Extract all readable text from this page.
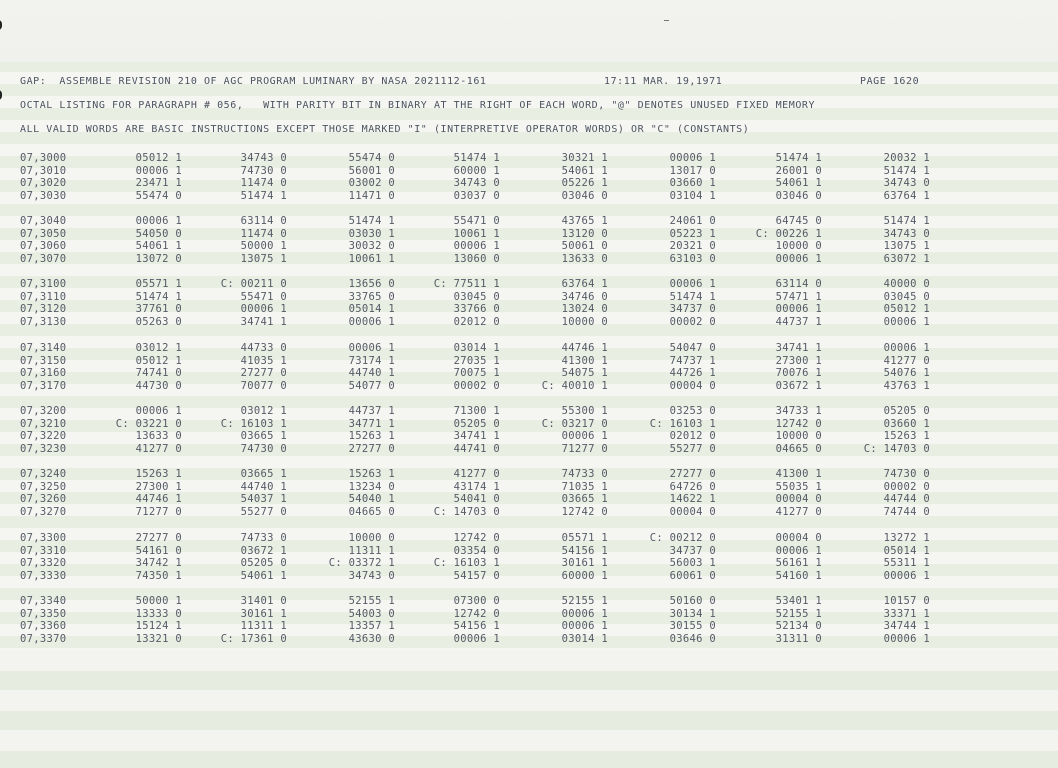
GAP:  ASSEMBLE REVISION 210 OF AGC PROGRAM LUMINARY BY NASA 2021112-161	17:11 MAR. 19,1971	PAGE 1620
OCTAL LISTING FOR PARAGRAPH # 056,   WITH PARITY BIT IN BINARY AT THE RIGHT OF EACH WORD, "@" DENOTES UNUSED FIXED MEMORY
ALL VALID WORDS ARE BASIC INSTRUCTIONS EXCEPT THOSE MARKED "I" (INTERPRETIVE OPERATOR WORDS) OR "C" (CONSTANTS)
07,3000	05012 1	34743 0	55474 0	51474 1	30321 1	00006 1	51474 1	20032 1
07,3010	00006 1	74730 0	56001 0	60000 1	54061 1	13017 0	26001 0	51474 1
07,3020	23471 1	11474 0	03002 0	34743 0	05226 1	03660 1	54061 1	34743 0
07,3030	55474 0	51474 1	11471 0	03037 0	03046 0	03104 1	03046 0	63764 1
07,3040	00006 1	63114 0	51474 1	55471 0	43765 1	24061 0	64745 0	51474 1
07,3050	54050 0	11474 0	03030 1	10061 1	13120 0	05223 1	C: 00226 1	34743 0
07,3060	54061 1	50000 1	30032 0	00006 1	50061 0	20321 0	10000 0	13075 1
07,3070	13072 0	13075 1	10061 1	13060 0	13633 0	63103 0	00006 1	63072 1
07,3100	05571 1	C: 00211 0	13656 0	C: 77511 1	63764 1	00006 1	63114 0	40000 0
07,3110	51474 1	55471 0	33765 0	03045 0	34746 0	51474 1	57471 1	03045 0
07,3120	37761 0	00006 1	05014 1	33766 0	13024 0	34737 0	00006 1	05012 1
07,3130	05263 0	34741 1	00006 1	02012 0	10000 0	00002 0	44737 1	00006 1
07,3140	03012 1	44733 0	00006 1	03014 1	44746 1	54047 0	34741 1	00006 1
07,3150	05012 1	41035 1	73174 1	27035 1	41300 1	74737 1	27300 1	41277 0
07,3160	74741 0	27277 0	44740 1	70075 1	54075 1	44726 1	70076 1	54076 1
07,3170	44730 0	70077 0	54077 0	00002 0	C: 40010 1	00004 0	03672 1	43763 1
07,3200	00006 1	03012 1	44737 1	71300 1	55300 1	03253 0	34733 1	05205 0
07,3210	C: 03221 0	C: 16103 1	34771 1	05205 0	C: 03217 0	C: 16103 1	12742 0	03660 1
07,3220	13633 0	03665 1	15263 1	34741 1	00006 1	02012 0	10000 0	15263 1
07,3230	41277 0	74730 0	27277 0	44741 0	71277 0	55277 0	04665 0	C: 14703 0
07,3240	15263 1	03665 1	15263 1	41277 0	74733 0	27277 0	41300 1	74730 0
07,3250	27300 1	44740 1	13234 0	43174 1	71035 1	64726 0	55035 1	00002 0
07,3260	44746 1	54037 1	54040 1	54041 0	03665 1	14622 1	00004 0	44744 0
07,3270	71277 0	55277 0	04665 0	C: 14703 0	12742 0	00004 0	41277 0	74744 0
07,3300	27277 0	74733 0	10000 0	12742 0	05571 1	C: 00212 0	00004 0	13272 1
07,3310	54161 0	03672 1	11311 1	03354 0	54156 1	34737 0	00006 1	05014 1
07,3320	34742 1	05205 0	C: 03372 1	C: 16103 1	30161 1	56003 1	56161 1	55311 1
07,3330	74350 1	54061 1	34743 0	54157 0	60000 1	60061 0	54160 1	00006 1
07,3340	50000 1	31401 0	52155 1	07300 0	52155 1	50160 0	53401 1	10157 0
07,3350	13333 0	30161 1	54003 0	12742 0	00006 1	30134 1	52155 1	33371 1
07,3360	15124 1	11311 1	13357 1	54156 1	00006 1	30155 0	52134 0	34744 1
07,3370	13321 0	C: 17361 0	43630 0	00006 1	03014 1	03646 0	31311 0	00006 1
